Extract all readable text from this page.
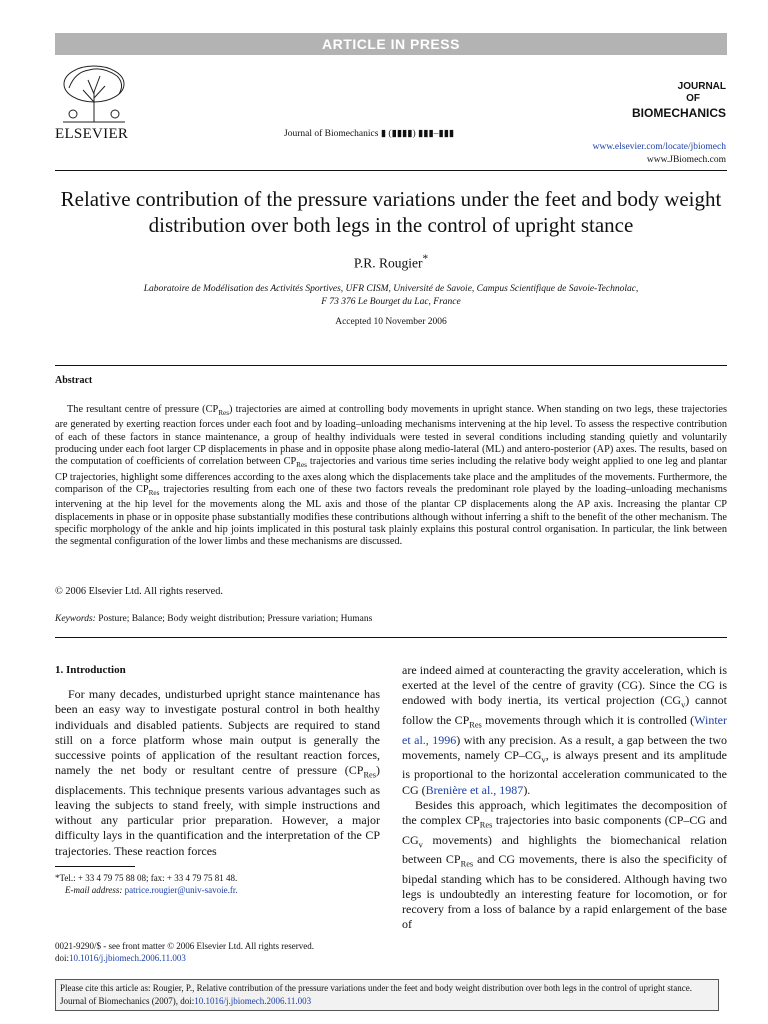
ARTICLE IN PRESS
ELSEVIER	Journal of Biomechanics ▮ (▮▮▮▮) ▮▮▮–▮▮▮
JOURNAL
OF
BIOMECHANICS
www.elsevier.com/locate/jbiomech
www.JBiomech.com
Relative contribution of the pressure variations under the feet and body weight distribution over both legs in the control of upright stance
P.R. Rougier*
Laboratoire de Modélisation des Activités Sportives, UFR CISM, Université de Savoie, Campus Scientifique de Savoie-Technolac,
F 73 376 Le Bourget du Lac, France
Accepted 10 November 2006
Abstract
The resultant centre of pressure $(CP_{Res})$ trajectories are aimed at controlling body movements in upright stance. When standing on two legs, these trajectories are generated by exerting reaction forces under each foot and by loading–unloading mechanisms intervening at the hip level. To assess the respective contribution of each of these factors in stance maintenance, a group of healthy individuals were tested in several conditions including standing quietly and voluntarily producing under each foot larger CP displacements in phase and in opposite phase along medio-lateral (ML) and antero-posterior (AP) axes. The results, based on the computation of coefficients of correlation between $CP_{Res}$ trajectories and various time series including the relative body weight applied to one leg and plantar CP trajectories, highlight some differences according to the axes along which the displacements take place and the amplitudes of the movements. Furthermore, the comparison of the $CP_{Res}$ trajectories resulting from each one of these two factors reveals the predominant role played by the loading–unloading mechanisms intervening at the hip level for the movements along the ML axis and those of the plantar CP displacements along the AP axis. Increasing the plantar CP displacements in phase or in opposite phase substantially modifies these contributions although without inferring a shift to the benefit of the other mechanism. The specific morphology of the ankle and hip joints implicated in this postural task plainly explains this postural control organisation. In particular, the link between the segmental configuration of the lower limbs and these mechanisms are discussed.
© 2006 Elsevier Ltd. All rights reserved.
Keywords: Posture; Balance; Body weight distribution; Pressure variation; Humans
1. Introduction

For many decades, undisturbed upright stance maintenance has been an easy way to investigate postural control in both healthy individuals and disabled patients. Subjects are required to stand still on a force platform whose main output is generally the successive points of application of the resultant reaction forces, namely the net body or resultant centre of pressure $(CP_{Res})$ displacements. This technique presents various advantages such as leaving the subjects to stand freely, with simple instructions and without any particular prior preparation. However, a major difficulty lays in the quantification and the interpretation of the CP trajectories. These reaction forces

are indeed aimed at counteracting the gravity acceleration, which is exerted at the level of the centre of gravity (CG). Since the CG is endowed with body inertia, its vertical projection $(CG_v)$ cannot follow the $CP_{Res}$ movements through which it is controlled (Winter et al., 1996) with any precision. As a result, a gap between the two movements, namely $CP-CG_v$, is always present and its amplitude is proportional to the horizontal acceleration communicated to the CG (Brenière et al., 1987).

Besides this approach, which legitimates the decomposition of the complex $CP_{Res}$ trajectories into basic components (CP–CG and $CG_v$ movements) and highlights the biomechanical relation between $CP_{Res}$ and CG movements, there is also the specificity of bipedal standing which has to be considered. Although having two legs is undoubtedly an interesting feature for locomotion, or for recovery from a loss of balance by a rapid enlargement of the base of

*Tel.: + 33 4 79 75 88 08; fax: + 33 4 79 75 81 48.
E-mail address: patrice.rougier@univ-savoie.fr.
0021-9290/$ - see front matter © 2006 Elsevier Ltd. All rights reserved.
doi:10.1016/j.jbiomech.2006.11.003
Please cite this article as: Rougier, P., Relative contribution of the pressure variations under the feet and body weight distribution over both legs in the control of upright stance. Journal of Biomechanics (2007), doi:10.1016/j.jbiomech.2006.11.003
